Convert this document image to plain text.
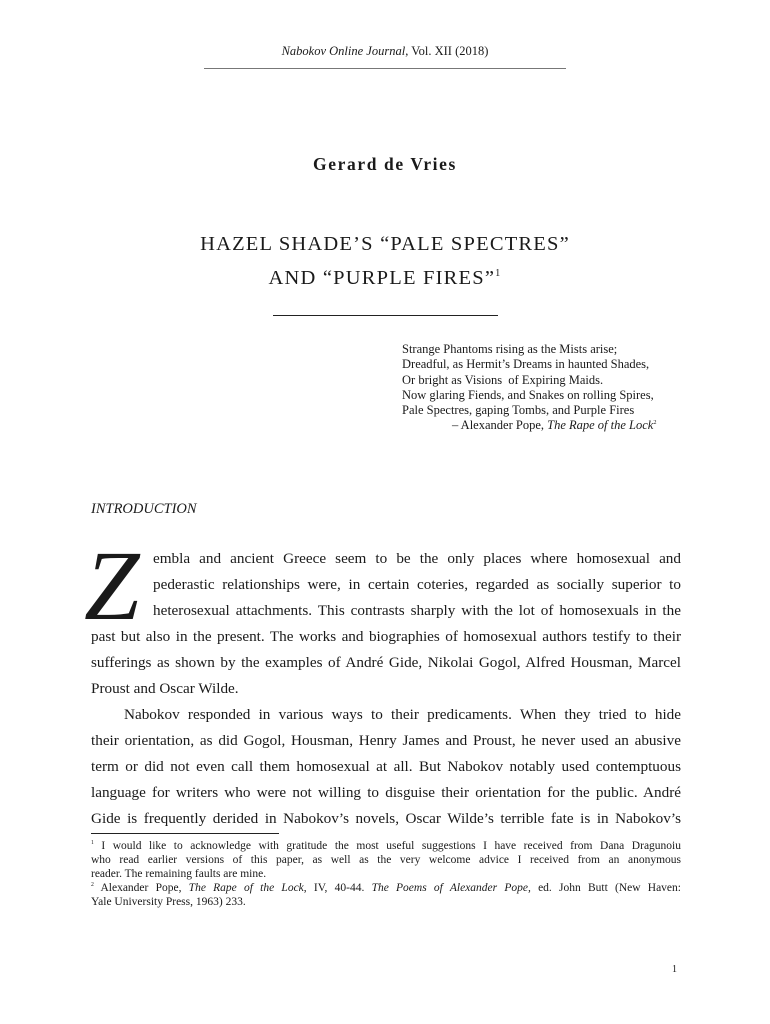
Nabokov Online Journal, Vol. XII (2018)
Gerard de Vries
HAZEL SHADE’S “PALE SPECTRES”
AND “PURPLE FIRES”$^1$
Strange Phantoms rising as the Mists arise;
Dreadful, as Hermit’s Dreams in haunted Shades,
Or bright as Visions  of Expiring Maids.
Now glaring Fiends, and Snakes on rolling Spires,
Pale Spectres, gaping Tombs, and Purple Fires
– Alexander Pope, The Rape of the Lock$^2$
INTRODUCTION
Z embla and ancient Greece seem to be the only places where homosexual and
pederastic relationships were, in certain coteries, regarded as socially superior to
heterosexual attachments. This contrasts sharply with the lot of homosexuals in the
past but also in the present. The works and biographies of homosexual authors testify to their
sufferings as shown by the examples of André Gide, Nikolai Gogol, Alfred Housman, Marcel
Proust and Oscar Wilde.
Nabokov responded in various ways to their predicaments. When they tried to hide
their orientation, as did Gogol, Housman, Henry James and Proust, he never used an abusive
term or did not even call them homosexual at all. But Nabokov notably used contemptuous
language for writers who were not willing to disguise their orientation for the public. André
Gide is frequently derided in Nabokov’s novels, Oscar Wilde’s terrible fate is in Nabokov’s
$^1$ I would like to acknowledge with gratitude the most useful suggestions I have received from Dana Dragunoiu
who read earlier versions of this paper, as well as the very welcome advice I received from an anonymous
reader. The remaining faults are mine.
$^2$ Alexander Pope, The Rape of the Lock, IV, 40-44. The Poems of Alexander Pope, ed. John Butt (New Haven:
Yale University Press, 1963) 233.
1
